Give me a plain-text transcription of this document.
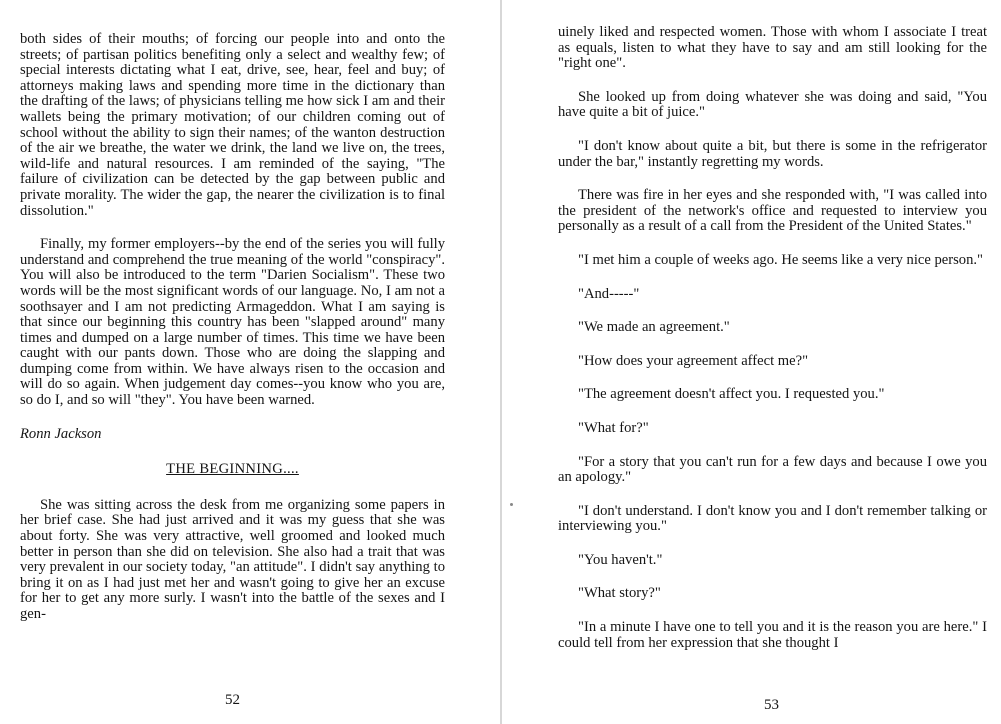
both sides of their mouths; of forcing our people into and onto the streets; of partisan politics benefiting only a select and wealthy few; of special interests dictating what I eat, drive, see, hear, feel and buy; of attorneys making laws and spending more time in the dictionary than the drafting of the laws; of physicians telling me how sick I am and their wallets being the primary motivation; of our children coming out of school without the ability to sign their names; of the wanton destruction of the air we breathe, the water we drink, the land we live on, the trees, wild-life and natural resources. I am reminded of the saying, "The failure of civilization can be detected by the gap between public and private morality. The wider the gap, the nearer the civilization is to final dissolution."

Finally, my former employers--by the end of the series you will fully understand and comprehend the true meaning of the world "conspiracy". You will also be introduced to the term "Darien Socialism". These two words will be the most significant words of our language. No, I am not a soothsayer and I am not predicting Armageddon. What I am saying is that since our beginning this country has been "slapped around" many times and dumped on a large number of times. This time we have been caught with our pants down. Those who are doing the slapping and dumping come from within. We have always risen to the occasion and will do so again. When judgement day comes--you know who you are, so do I, and so will "they". You have been warned.

Ronn Jackson

THE BEGINNING....

She was sitting across the desk from me organizing some papers in her brief case. She had just arrived and it was my guess that she was about forty. She was very attractive, well groomed and looked much better in person than she did on television. She also had a trait that was very prevalent in our society today, "an attitude". I didn't say anything to bring it on as I had just met her and wasn't going to give her an excuse for her to get any more surly. I wasn't into the battle of the sexes and I gen-

52

uinely liked and respected women. Those with whom I associate I treat as equals, listen to what they have to say and am still looking for the "right one".

She looked up from doing whatever she was doing and said, "You have quite a bit of juice."

"I don't know about quite a bit, but there is some in the refrigerator under the bar," instantly regretting my words.

There was fire in her eyes and she responded with, "I was called into the president of the network's office and requested to interview you personally as a result of a call from the President of the United States."

"I met him a couple of weeks ago. He seems like a very nice person."

"And-----"

"We made an agreement."

"How does your agreement affect me?"

"The agreement doesn't affect you. I requested you."

"What for?"

"For a story that you can't run for a few days and because I owe you an apology."

"I don't understand. I don't know you and I don't remember talking or interviewing you."

"You haven't."

"What story?"

"In a minute I have one to tell you and it is the reason you are here." I could tell from her expression that she thought I

53
